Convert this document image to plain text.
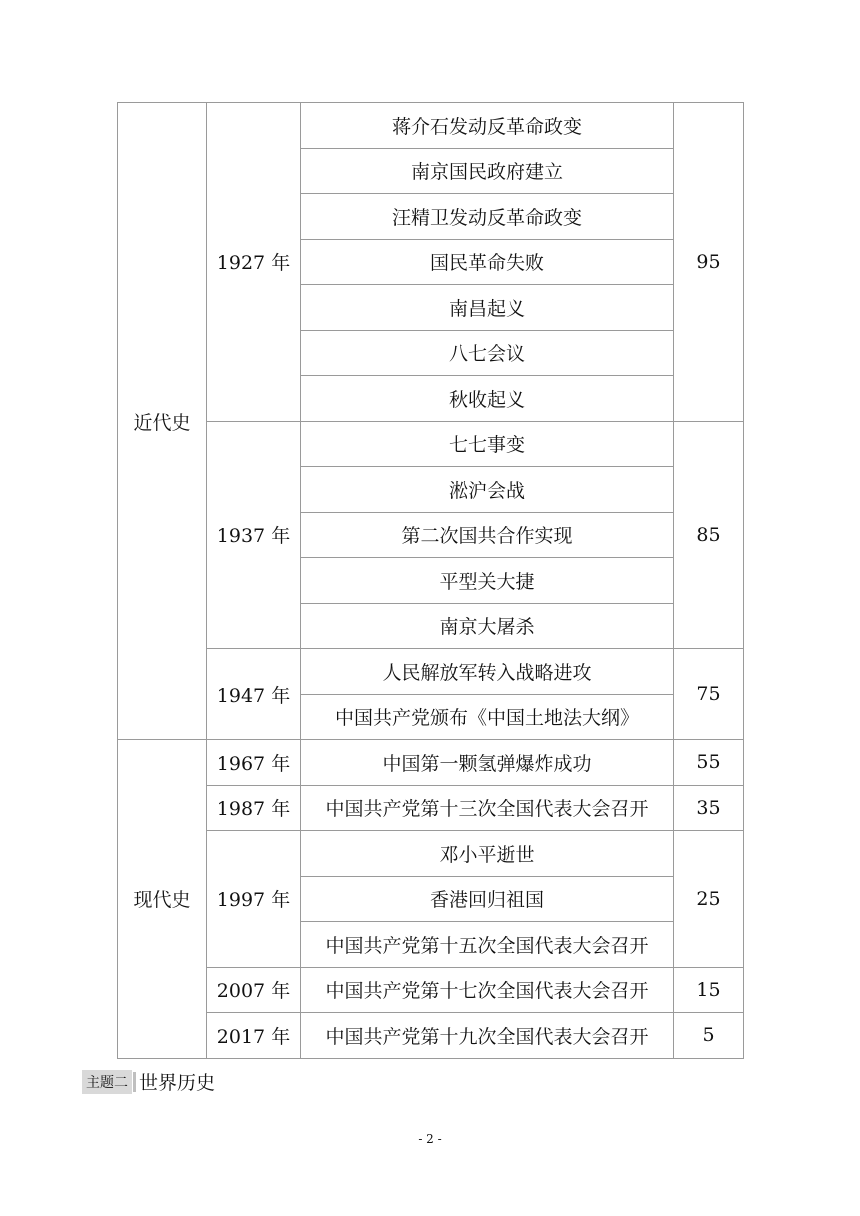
近代史	1927 年	蒋介石发动反革命政变	95
		南京国民政府建立	
		汪精卫发动反革命政变	
		国民革命失败	
		南昌起义	
		八七会议	
		秋收起义	
	1937 年	七七事变	85
		淞沪会战	
		第二次国共合作实现	
		平型关大捷	
		南京大屠杀	
	1947 年	人民解放军转入战略进攻	75
		中国共产党颁布《中国土地法大纲》	
现代史	1967 年	中国第一颗氢弹爆炸成功	55
	1987 年	中国共产党第十三次全国代表大会召开	35
	1997 年	邓小平逝世	25
		香港回归祖国	
		中国共产党第十五次全国代表大会召开	
	2007 年	中国共产党第十七次全国代表大会召开	15
	2017 年	中国共产党第十九次全国代表大会召开	5
主题二 世界历史
- 2 -
